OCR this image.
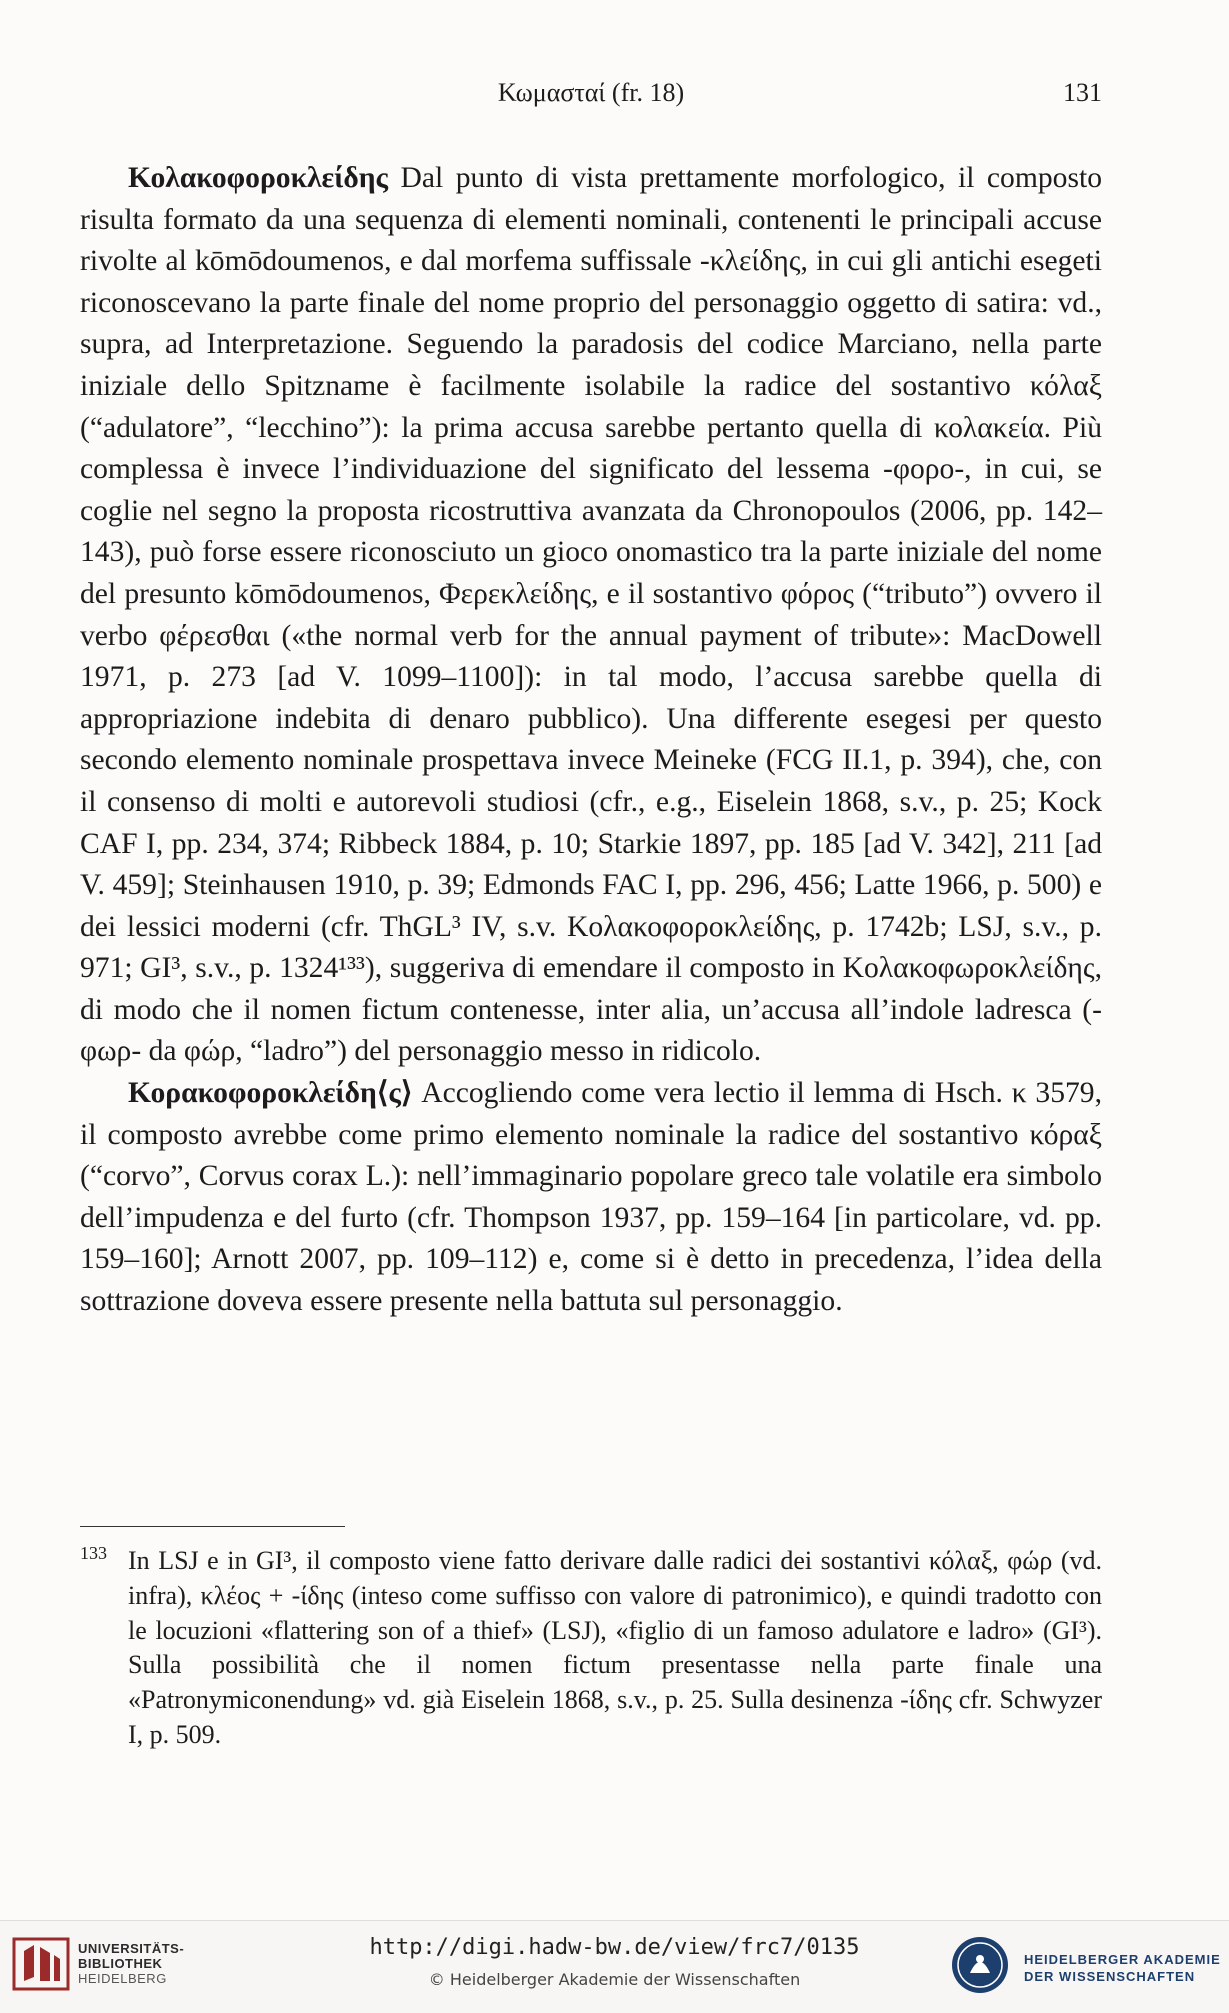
Κωμασταί (fr. 18)	131

Κολακοφοροκλείδης Dal punto di vista prettamente morfologico, il composto risulta formato da una sequenza di elementi nominali, contenenti le principali accuse rivolte al kōmōdoumenos, e dal morfema suffissale -κλείδης, in cui gli antichi esegeti riconoscevano la parte finale del nome proprio del personaggio oggetto di satira: vd., supra, ad Interpretazione. Seguendo la paradosis del codice Marciano, nella parte iniziale dello Spitzname è facilmente isolabile la radice del sostantivo κόλαξ (“adulatore”, “lecchino”): la prima accusa sarebbe pertanto quella di κολακεία. Più complessa è invece l’individuazione del significato del lessema -φορο-, in cui, se coglie nel segno la proposta ricostruttiva avanzata da Chronopoulos (2006, pp. 142–143), può forse essere riconosciuto un gioco onomastico tra la parte iniziale del nome del presunto kōmōdoumenos, Φερεκλείδης, e il sostantivo φόρος (“tributo”) ovvero il verbo φέρεσθαι («the normal verb for the annual payment of tribute»: MacDowell 1971, p. 273 [ad V. 1099–1100]): in tal modo, l’accusa sarebbe quella di appropriazione indebita di denaro pubblico). Una differente esegesi per questo secondo elemento nominale prospettava invece Meineke (FCG II.1, p. 394), che, con il consenso di molti e autorevoli studiosi (cfr., e.g., Eiselein 1868, s.v., p. 25; Kock CAF I, pp. 234, 374; Ribbeck 1884, p. 10; Starkie 1897, pp. 185 [ad V. 342], 211 [ad V. 459]; Steinhausen 1910, p. 39; Edmonds FAC I, pp. 296, 456; Latte 1966, p. 500) e dei lessici moderni (cfr. ThGL³ IV, s.v. Κολακοφοροκλείδης, p. 1742b; LSJ, s.v., p. 971; GI³, s.v., p. 1324¹³³), suggeriva di emendare il composto in Κολακοφωροκλείδης, di modo che il nomen fictum contenesse, inter alia, un’accusa all’indole ladresca (-φωρ- da φώρ, “ladro”) del personaggio messo in ridicolo.

Κορακοφοροκλείδη⟨ς⟩ Accogliendo come vera lectio il lemma di Hsch. κ 3579, il composto avrebbe come primo elemento nominale la radice del sostantivo κόραξ (“corvo”, Corvus corax L.): nell’immaginario popolare greco tale volatile era simbolo dell’impudenza e del furto (cfr. Thompson 1937, pp. 159–164 [in particolare, vd. pp. 159–160]; Arnott 2007, pp. 109–112) e, come si è detto in precedenza, l’idea della sottrazione doveva essere presente nella battuta sul personaggio.

133 In LSJ e in GI³, il composto viene fatto derivare dalle radici dei sostantivi κόλαξ, φώρ (vd. infra), κλέος + -ίδης (inteso come suffisso con valore di patronimico), e quindi tradotto con le locuzioni «flattering son of a thief» (LSJ), «figlio di un famoso adulatore e ladro» (GI³). Sulla possibilità che il nomen fictum presentasse nella parte finale una «Patronymiconendung» vd. già Eiselein 1868, s.v., p. 25. Sulla desinenza -ίδης cfr. Schwyzer I, p. 509.
UNIVERSITÄTS-
BIBLIOTHEK
HEIDELBERG
http://digi.hadw-bw.de/view/frc7/0135
© Heidelberger Akademie der Wissenschaften
HEIDELBERGER AKADEMIE
DER WISSENSCHAFTEN
